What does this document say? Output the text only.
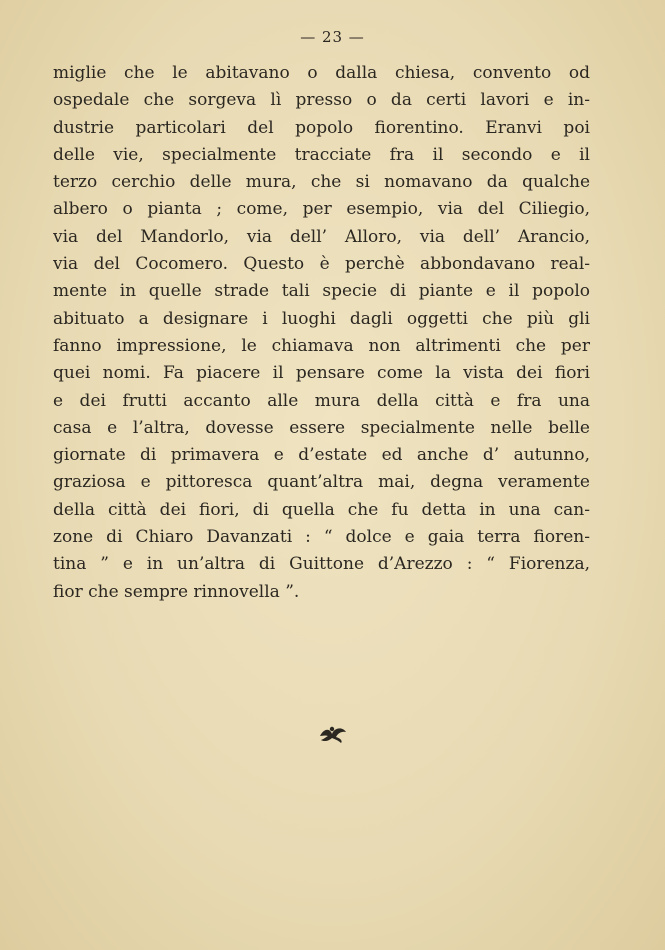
— 23 —
miglie che le abitavano o dalla chiesa, convento od
ospedale che sorgeva lì presso o da certi lavori e in-
dustrie particolari del popolo fiorentino. Eranvi poi
delle vie, specialmente tracciate fra il secondo e il
terzo cerchio delle mura, che si nomavano da qualche
albero o pianta ; come, per esempio, via del Ciliegio,
via del Mandorlo, via dell’ Alloro, via dell’ Arancio,
via del Cocomero. Questo è perchè abbondavano real-
mente in quelle strade tali specie di piante e il popolo
abituato a designare i luoghi dagli oggetti che più gli
fanno impressione, le chiamava non altrimenti che per
quei nomi. Fa piacere il pensare come la vista dei fiori
e dei frutti accanto alle mura della città e fra una
casa e l’altra, dovesse essere specialmente nelle belle
giornate di primavera e d’estate ed anche d’ autunno,
graziosa e pittoresca quant’altra mai, degna veramente
della città dei fiori, di quella che fu detta in una can-
zone di Chiaro Davanzati : “ dolce e gaia terra fioren-
tina ” e in un’altra di Guittone d’Arezzo : “ Fiorenza,
fior che sempre rinnovella ”.
